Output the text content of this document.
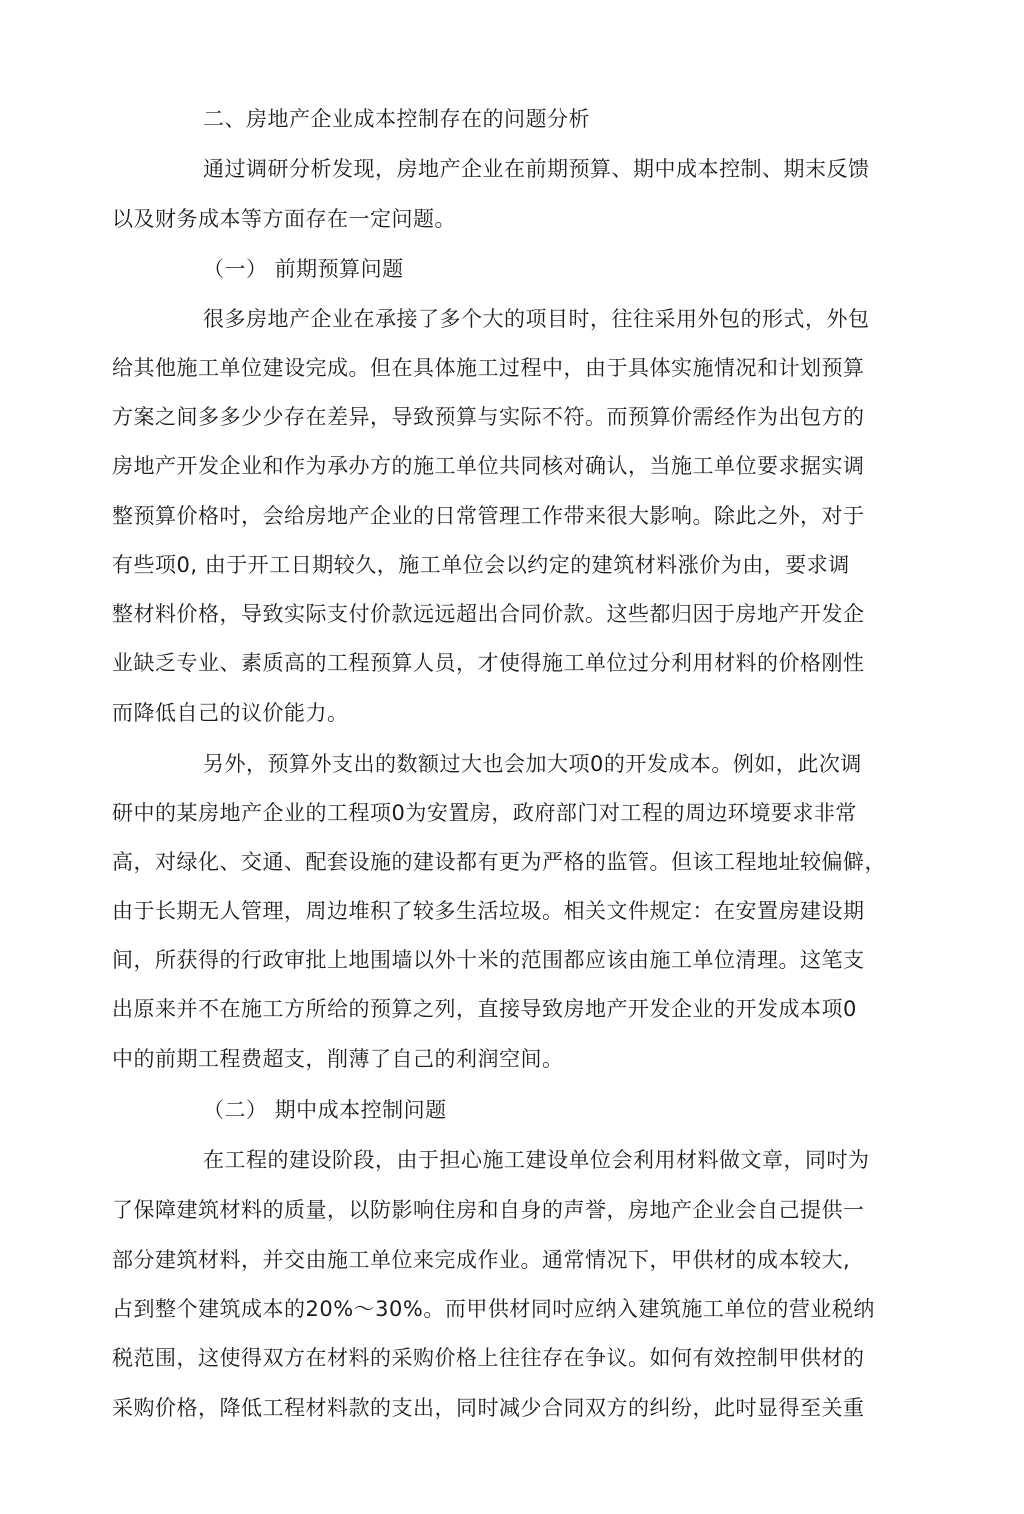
二、房地产企业成本控制存在的问题分析
通过调研分析发现，房地产企业在前期预算、期中成本控制、期末反馈
以及财务成本等方面存在一定问题。
（一） 前期预算问题
很多房地产企业在承接了多个大的项目时，往往采用外包的形式，外包
给其他施工单位建设完成。但在具体施工过程中，由于具体实施情况和计划预算
方案之间多多少少存在差异，导致预算与实际不符。而预算价需经作为出包方的
房地产开发企业和作为承办方的施工单位共同核对确认，当施工单位要求据实调
整预算价格吋，会给房地产企业的日常管理工作带来很大影响。除此之外，对于
有些项0, 由于开工日期较久，施工单位会以约定的建筑材料涨价为由，要求调
整材料价格，导致实际支付价款远远超出合同价款。这些都归因于房地产开发企
业缺乏专业、素质高的工程预算人员，才使得施工单位过分利用材料的价格刚性
而降低自己的议价能力。
另外，预算外支出的数额过大也会加大项0的开发成本。例如，此次调
研中的某房地产企业的工程项0为安置房，政府部门对工程的周边环境要求非常
高，对绿化、交通、配套设施的建设都有更为严格的监管。但该工程地址较偏僻，
由于长期无人管理，周边堆积了较多生活垃圾。相关文件规定：在安置房建设期
间，所获得的行政审批上地围墙以外十米的范围都应该由施工单位清理。这笔支
出原来并不在施工方所给的预算之列，直接导致房地产开发企业的开发成本项0
中的前期工程费超支，削薄了自己的利润空间。
（二） 期中成本控制问题
在工程的建设阶段，由于担心施工建设单位会利用材料做文章，同吋为
了保障建筑材料的质量，以防影响住房和自身的声誉，房地产企业会自己提供一
部分建筑材料，并交由施工单位来完成作业。通常情况下，甲供材的成本较大,
占到整个建筑成本的20%～30%。而甲供材同吋应纳入建筑施工单位的营业税纳
税范围，这使得双方在材料的采购价格上往往存在争议。如何有效控制甲供材的
采购价格，降低工程材料款的支出，同时减少合同双方的纠纷，此吋显得至关重
